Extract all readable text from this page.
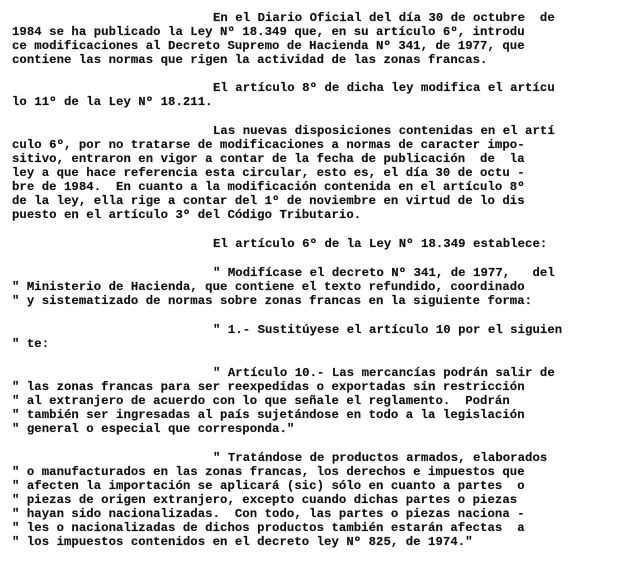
En el Diario Oficial del día 30 de octubre  de
1984 se ha publicado la Ley Nº 18.349 que, en su artículo 6º, introdu
ce modificaciones al Decreto Supremo de Hacienda Nº 341, de 1977, que
contiene las normas que rigen la actividad de las zonas francas.
El artículo 8º de dicha ley modifica el artícu
lo 11º de la Ley Nº 18.211.
Las nuevas disposiciones contenidas en el artí
culo 6º, por no tratarse de modificaciones a normas de caracter impo-
sitivo, entraron en vigor a contar de la fecha de publicación  de  la
ley a que hace referencia esta circular, esto es, el día 30 de octu -
bre de 1984.  En cuanto a la modificación contenida en el artículo 8º
de la ley, ella rige a contar del 1º de noviembre en virtud de lo dis
puesto en el artículo 3º del Código Tributario.
El artículo 6º de la Ley Nº 18.349 establece:
" Modifícase el decreto Nº 341, de 1977,   del
" Ministerio de Hacienda, que contiene el texto refundido, coordinado
" y sistematizado de normas sobre zonas francas en la siguiente forma:
" 1.- Sustitúyese el artículo 10 por el siguien
" te:
" Artículo 10.- Las mercancías podrán salir de
" las zonas francas para ser reexpedidas o exportadas sin restricción
" al extranjero de acuerdo con lo que señale el reglamento.  Podrán
" también ser ingresadas al país sujetándose en todo a la legislación
" general o especial que corresponda."
" Tratándose de productos armados, elaborados
" o manufacturados en las zonas francas, los derechos e impuestos que
" afecten la importación se aplicará (sic) sólo en cuanto a partes  o
" piezas de origen extranjero, excepto cuando dichas partes o piezas
" hayan sido nacionalizadas.  Con todo, las partes o piezas naciona -
" les o nacionalizadas de dichos productos también estarán afectas  a
" los impuestos contenidos en el decreto ley Nº 825, de 1974."
